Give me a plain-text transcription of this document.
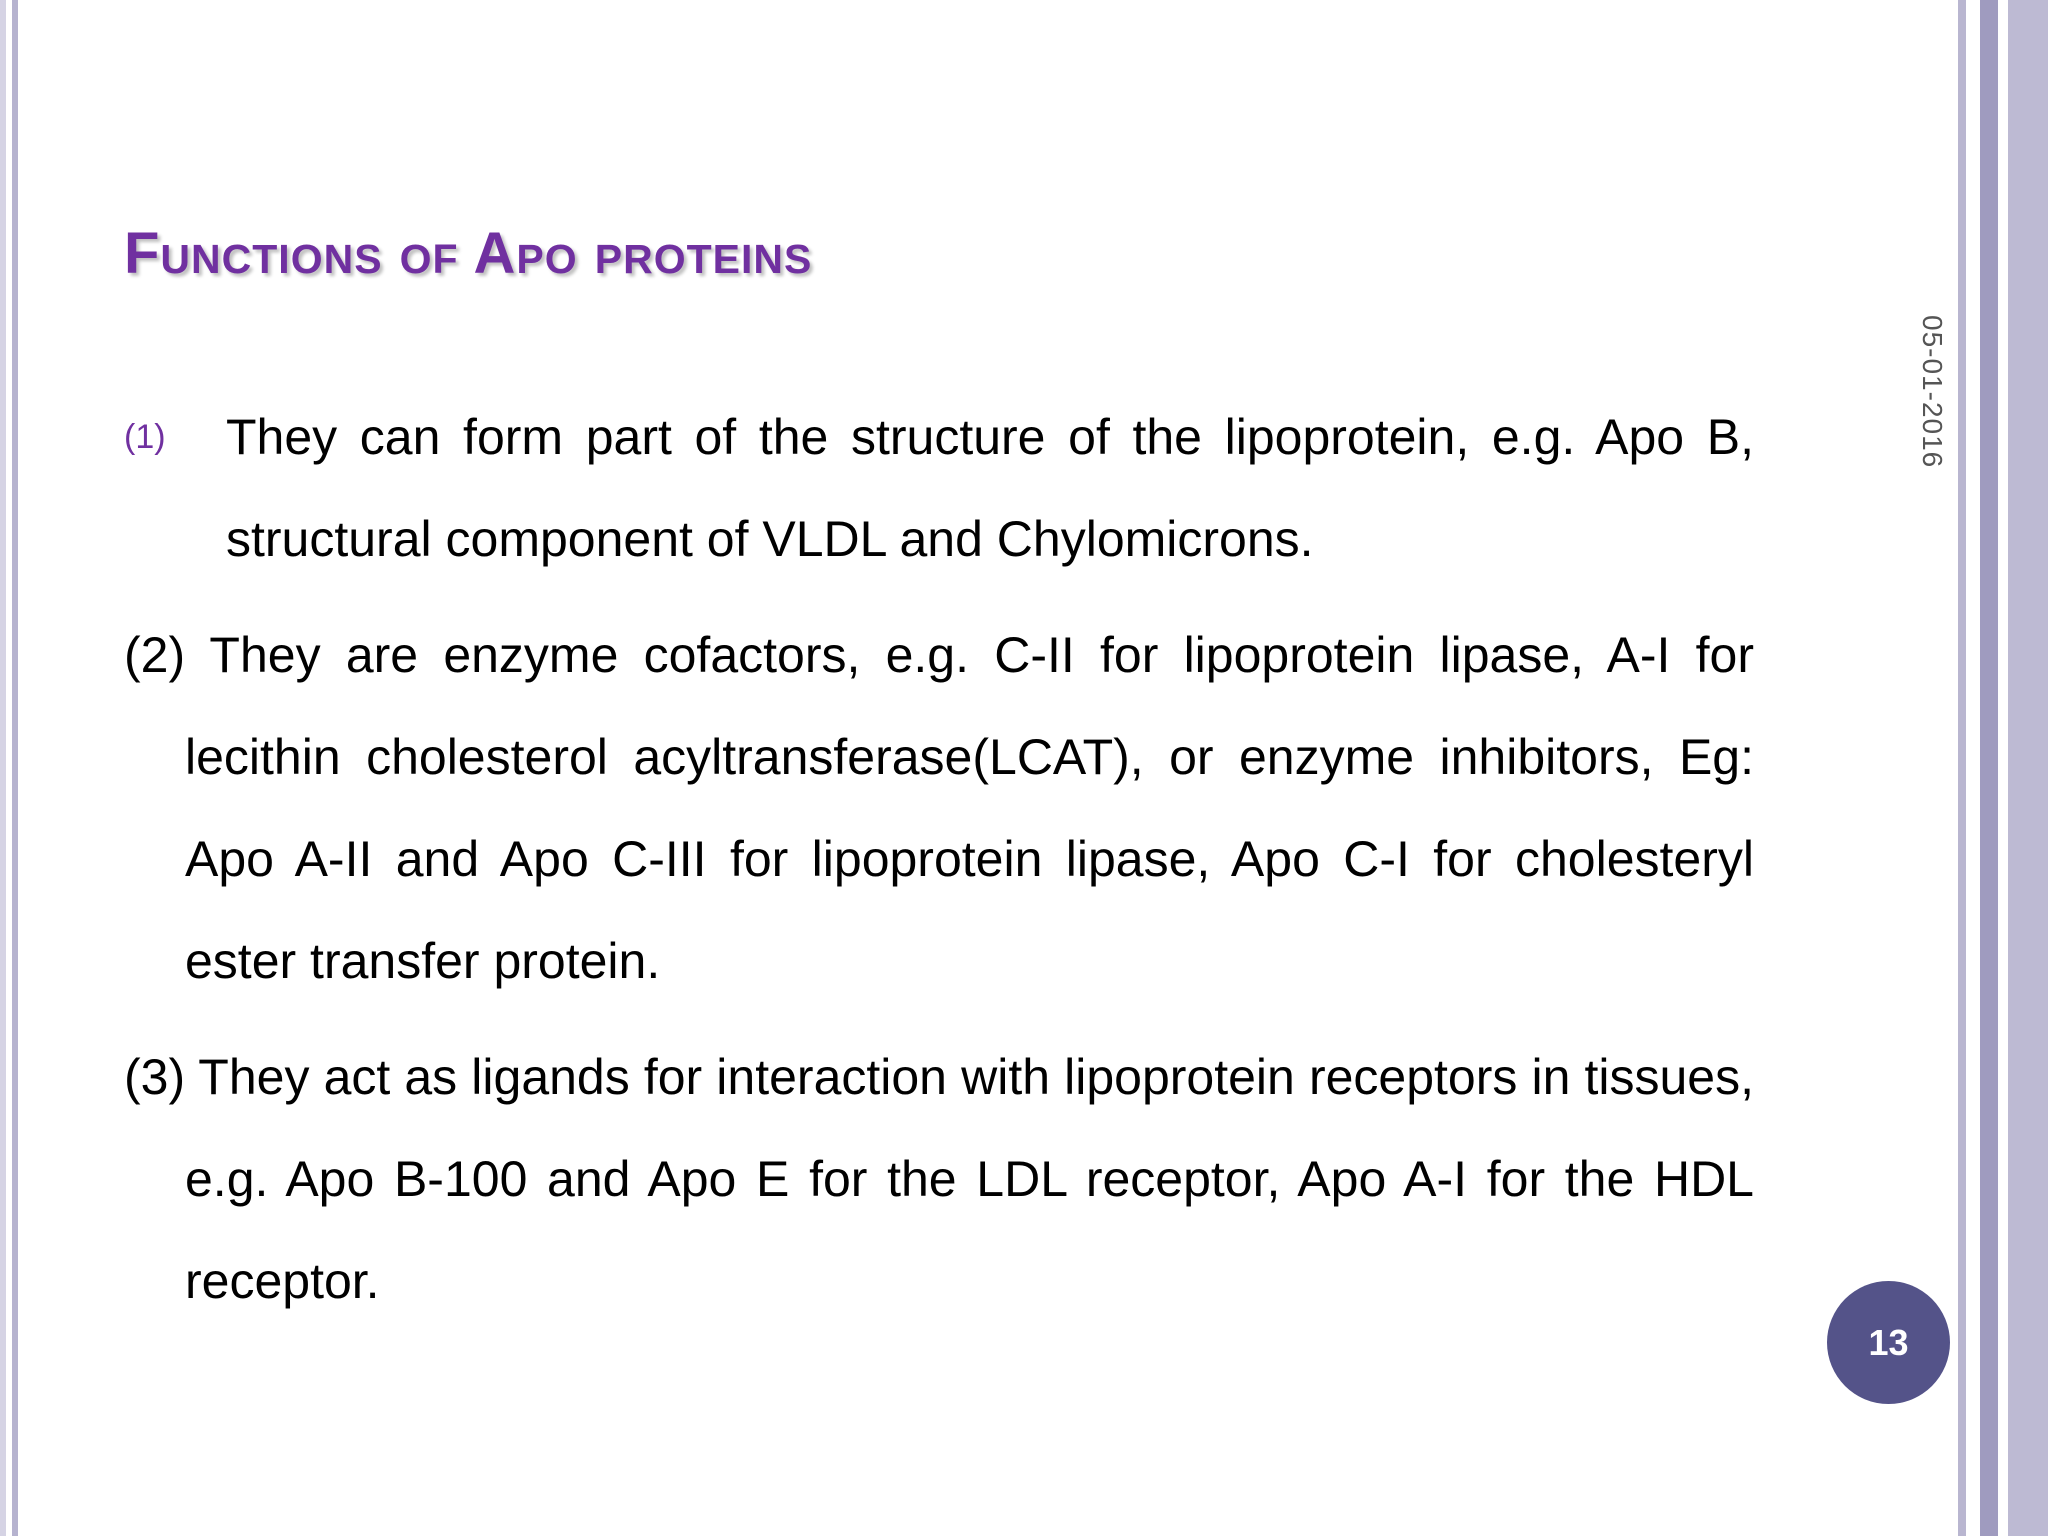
Functions of Apo proteins
05-01-2016
(1) They can form part of the structure of the lipoprotein, e.g. Apo B, structural component of VLDL and Chylomicrons.
(2) They are enzyme cofactors, e.g. C-II for lipoprotein lipase, A-I for lecithin cholesterol acyltransferase(LCAT), or enzyme inhibitors, Eg: Apo A-II and Apo C-III for lipoprotein lipase, Apo C-I for cholesteryl ester transfer protein.
(3) They act as ligands for interaction with lipoprotein receptors in tissues, e.g. Apo B-100 and Apo E for the LDL receptor, Apo A-I for the HDL receptor.
13
